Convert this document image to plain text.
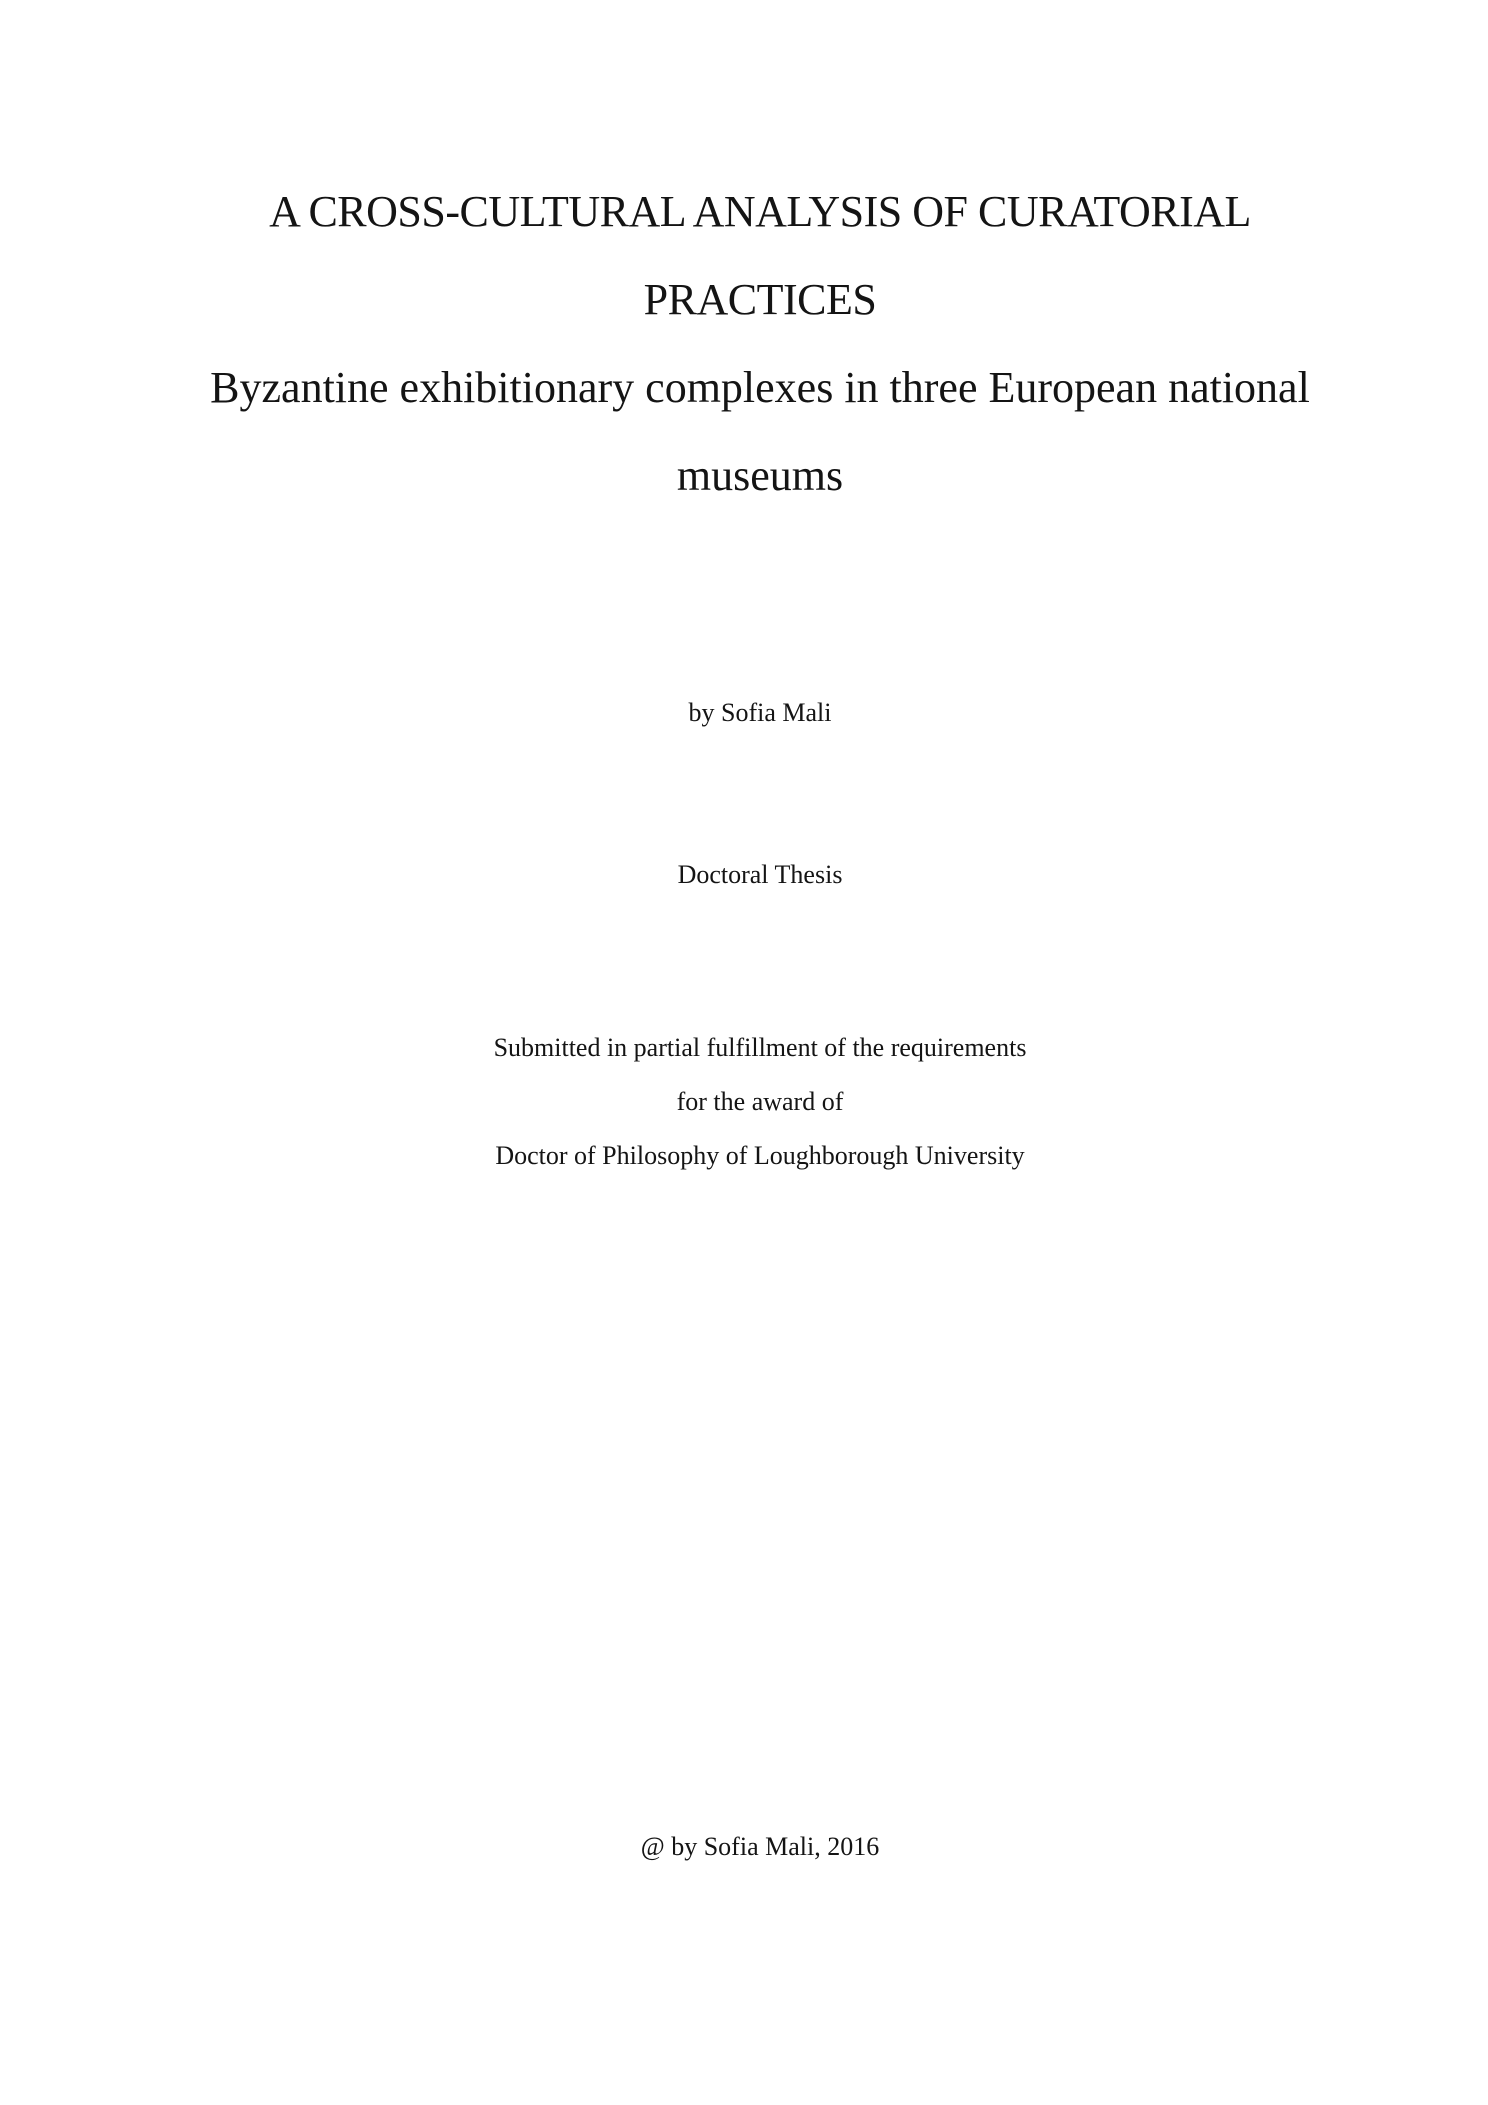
A CROSS-CULTURAL ANALYSIS OF CURATORIAL PRACTICES
Byzantine exhibitionary complexes in three European national museums

by Sofia Mali

Doctoral Thesis

Submitted in partial fulfillment of the requirements

for the award of

Doctor of Philosophy of Loughborough University

@ by Sofia Mali, 2016
